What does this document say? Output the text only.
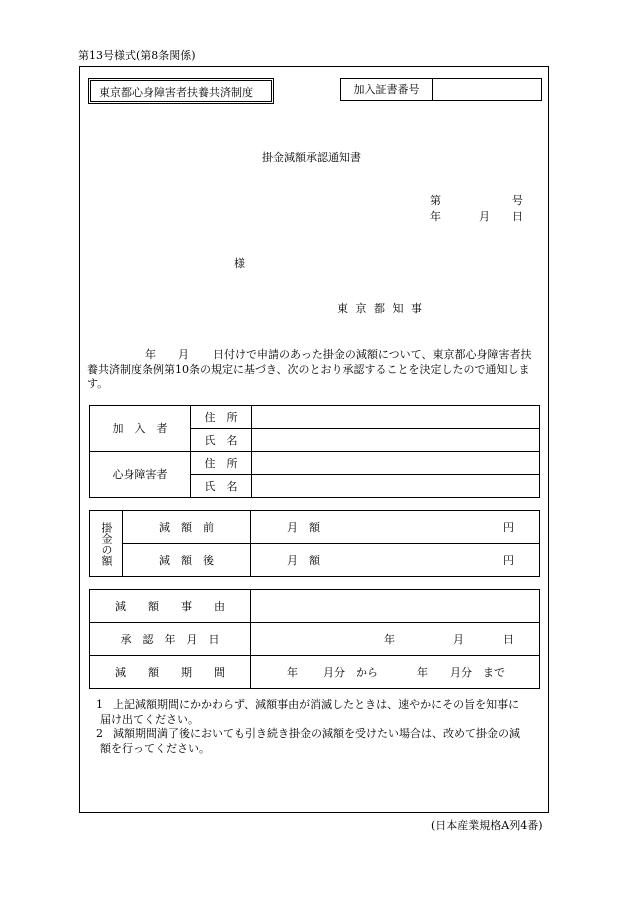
第13号様式(第8条関係)
東京都心身障害者扶養共済制度	加入証書番号	
掛金減額承認通知書
第	号
年	月 日
様
東 京 都 知 事
年 月 日付けで申請のあった掛金の減額について、東京都心身障害者扶
養共済制度条例第10条の規定に基づき、次のとおり承認することを決定したので通知しま
す。
加　入　者	住　所	
	氏　名	
心身障害者	住　所	
	氏　名	
掛金の額	減　額　前	月　額 円

	減　額　後	月　額 円
減　　額　　事　　由	
承　認　年　月　日	年 月 日

減　　額　　期　　間	年 月分　から 年 月分　まで
1 上記減額期間にかかわらず、減額事由が消滅したときは、速やかにその旨を知事に
届け出てください。
2 減額期間満了後においても引き続き掛金の減額を受けたい場合は、改めて掛金の減
額を行ってください。
(日本産業規格A列4番)
